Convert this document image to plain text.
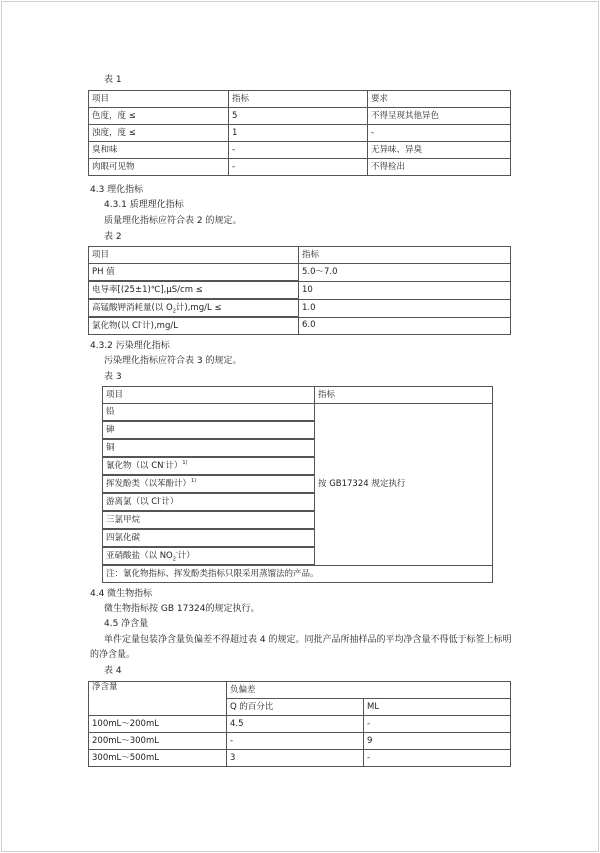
表 1
项目	指标	要求
色度，度 ≤	5	不得呈现其他异色
浊度，度 ≤	1	-
臭和味	-	无异味、异臭
肉眼可见物	-	不得检出
4.3 理化指标
4.3.1 质理理化指标
质量理化指标应符合表 2 的规定。
表 2
项目	指标
PH 值	5.0～7.0
电导率[(25±1)℃],μS/cm ≤	10
高锰酸钾消耗量(以 $O_2$计),mg/L ≤	1.0
氯化物(以 Cl-计),mg/L	6.0
4.3.2 污染理化指标
污染理化指标应符合表 3 的规定。
表 3
项目	指标
铅	按 GB17324 规定执行
砷	
铜	
氰化物（以 CN-计）$^{1)}$
挥发酚类（以苯酚计）$^{1)}$
游离氯（以 Cl-计）	
三氯甲烷	
四氯化碳	
亚硝酸盐（以 $NO_2^-$计）	
注：氰化物指标、挥发酚类指标只限采用蒸馏法的产品。	
4.4 微生物指标
微生物指标按 GB 17324的规定执行。
4.5 净含量
单件定量包装净含量负偏差不得超过表 4 的规定。同批产品所抽样品的平均净含量不得低于标签上标明
的净含量。
表 4
净含量	负偏差	
	Q 的百分比	ML
100mL～200mL	4.5	-
200mL～300mL	-	9
300mL～500mL	3	-
